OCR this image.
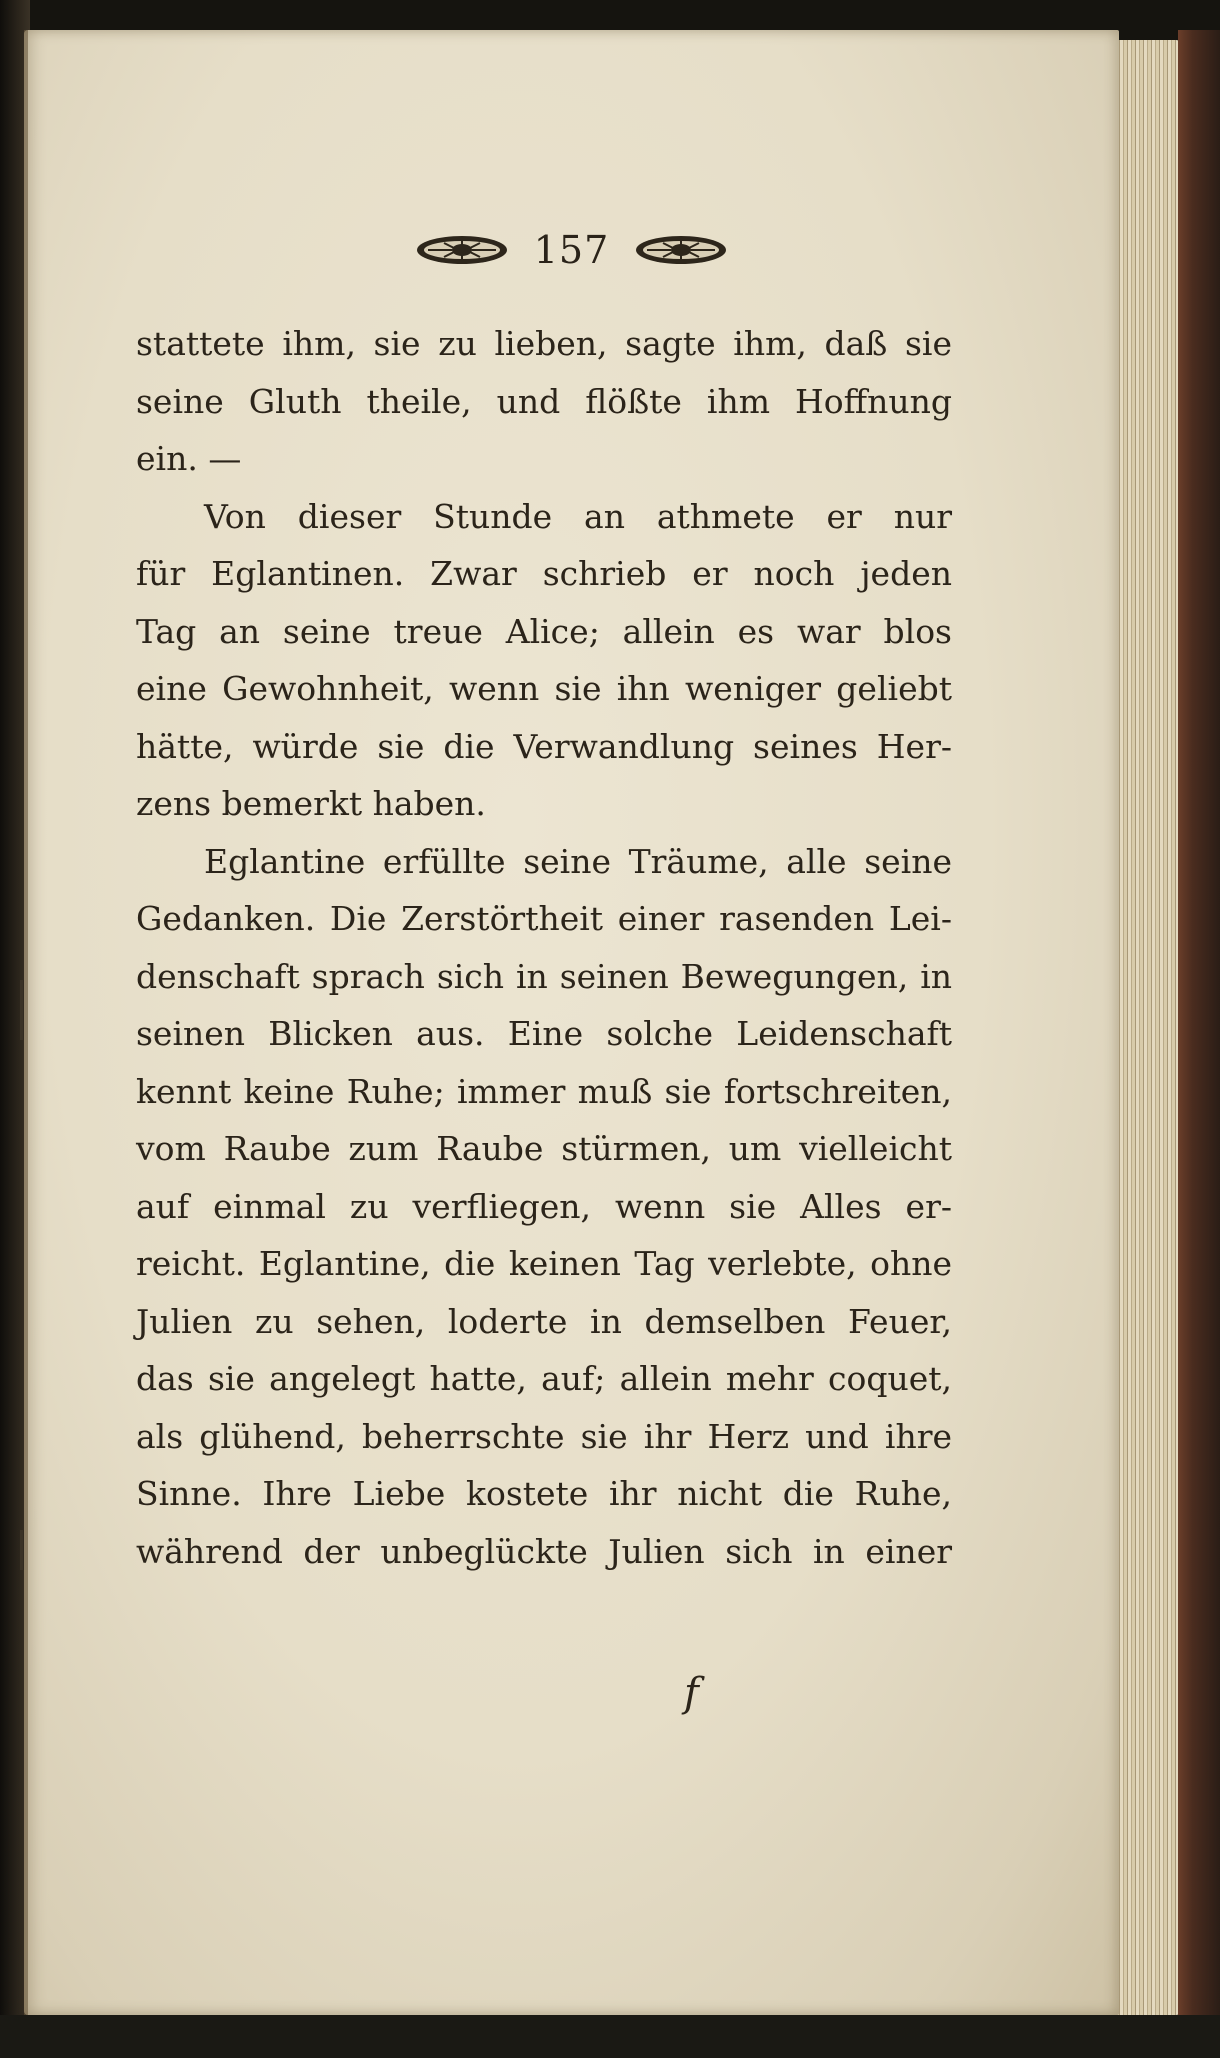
157
stattete ihm, sie zu lieben, sagte ihm, daß sie
seine Gluth theile, und flößte ihm Hoffnung
ein. —
Von dieser Stunde an athmete er nur
für Eglantinen. Zwar schrieb er noch jeden
Tag an seine treue Alice; allein es war blos
eine Gewohnheit, wenn sie ihn weniger geliebt
hätte, würde sie die Verwandlung seines Her-
zens bemerkt haben.
Eglantine erfüllte seine Träume, alle seine
Gedanken. Die Zerstörtheit einer rasenden Lei-
denschaft sprach sich in seinen Bewegungen, in
seinen Blicken aus. Eine solche Leidenschaft
kennt keine Ruhe; immer muß sie fortschreiten,
vom Raube zum Raube stürmen, um vielleicht
auf einmal zu verfliegen, wenn sie Alles er-
reicht. Eglantine, die keinen Tag verlebte, ohne
Julien zu sehen, loderte in demselben Feuer,
das sie angelegt hatte, auf; allein mehr coquet,
als glühend, beherrschte sie ihr Herz und ihre
Sinne. Ihre Liebe kostete ihr nicht die Ruhe,
während der unbeglückte Julien sich in einer
f
